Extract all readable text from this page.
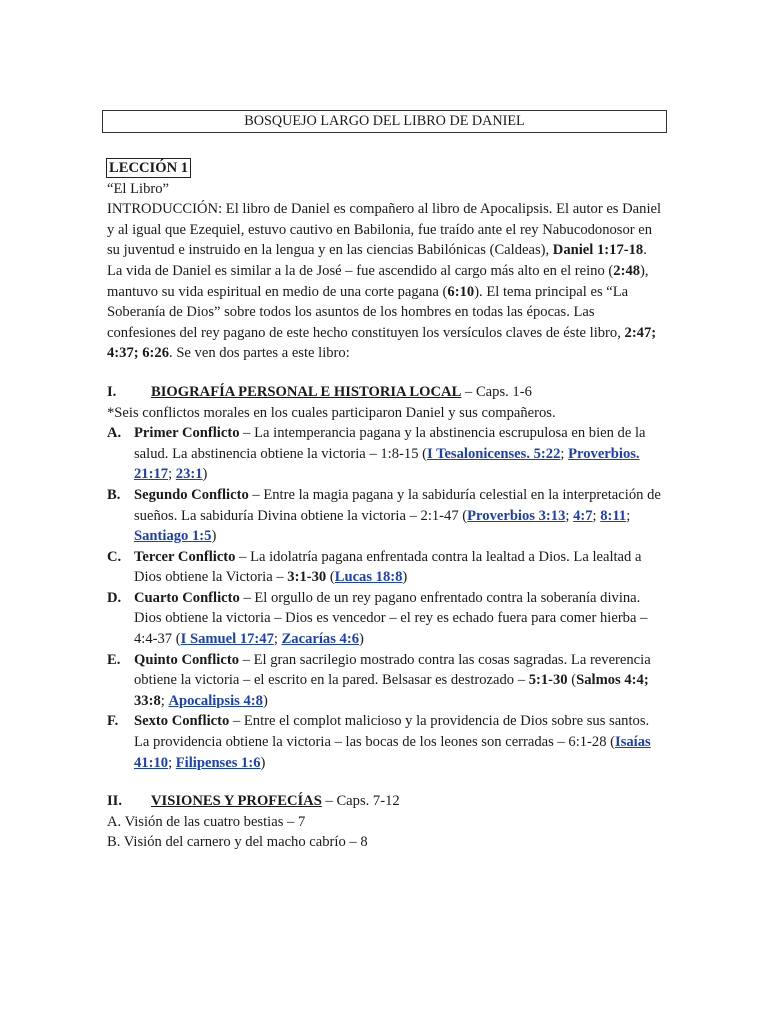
BOSQUEJO LARGO DEL LIBRO DE DANIEL

LECCIÓN 1

“El Libro”

INTRODUCCIÓN: El libro de Daniel es compañero al libro de Apocalipsis. El autor es Daniel y al igual que Ezequiel, estuvo cautivo en Babilonia, fue traído ante el rey Nabucodonosor en su juventud e instruido en la lengua y en las ciencias Babilónicas (Caldeas), Daniel 1:17-18.

La vida de Daniel es similar a la de José – fue ascendido al cargo más alto en el reino (2:48), mantuvo su vida espiritual en medio de una corte pagana (6:10). El tema principal es “La Soberanía de Dios” sobre todos los asuntos de los hombres en todas las épocas. Las confesiones del rey pagano de este hecho constituyen los versículos claves de éste libro, 2:47; 4:37; 6:26. Se ven dos partes a este libro:

I. BIOGRAFÍA PERSONAL E HISTORIA LOCAL – Caps. 1-6

*Seis conflictos morales en los cuales participaron Daniel y sus compañeros.

A. Primer Conflicto – La intemperancia pagana y la abstinencia escrupulosa en bien de la salud. La abstinencia obtiene la victoria – 1:8-15 (I Tesalonicenses. 5:22; Proverbios. 21:17; 23:1)

B. Segundo Conflicto – Entre la magia pagana y la sabiduría celestial en la interpretación de sueños. La sabiduría Divina obtiene la victoria – 2:1-47 (Proverbios 3:13; 4:7; 8:11; Santiago 1:5)

C. Tercer Conflicto – La idolatría pagana enfrentada contra la lealtad a Dios. La lealtad a Dios obtiene la Victoria – 3:1-30 (Lucas 18:8)

D. Cuarto Conflicto – El orgullo de un rey pagano enfrentado contra la soberanía divina. Dios obtiene la victoria – Dios es vencedor – el rey es echado fuera para comer hierba – 4:4-37 (I Samuel 17:47; Zacarías 4:6)

E. Quinto Conflicto – El gran sacrilegio mostrado contra las cosas sagradas. La reverencia obtiene la victoria – el escrito en la pared. Belsasar es destrozado – 5:1-30 (Salmos 4:4; 33:8; Apocalipsis 4:8)

F. Sexto Conflicto – Entre el complot malicioso y la providencia de Dios sobre sus santos. La providencia obtiene la victoria – las bocas de los leones son cerradas – 6:1-28 (Isaías 41:10; Filipenses 1:6)

II. VISIONES Y PROFECÍAS – Caps. 7-12

A. Visión de las cuatro bestias – 7

B. Visión del carnero y del macho cabrío – 8
